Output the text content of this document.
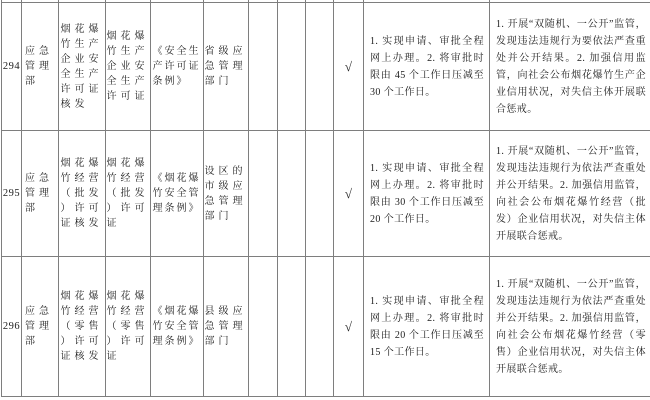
294	应急管理部	烟花爆竹生产企业安全生产许可证核发	烟花爆竹生产企业安全生产许可证	《安全生产许可证条例》	省级应急管理部门				√	1. 实现申请、审批全程网上办理。2. 将审批时限由 45 个工作日压减至 30 个工作日。	1. 开展“双随机、一公开”监管，发现违法违规行为要依法严查重处并公开结果。2. 加强信用监管，向社会公布烟花爆竹生产企业信用状况，对失信主体开展联合惩戒。

295	应急管理部	烟花爆竹经营（批发）许可证核发	烟花爆竹经营（批发）许可证	《烟花爆竹安全管理条例》	设区的市级应急管理部门				√	1. 实现申请、审批全程网上办理。2. 将审批时限由 30 个工作日压减至 20 个工作日。	1. 开展“双随机、一公开”监管，发现违法违规行为依法严查重处并公开结果。2. 加强信用监管，向社会公布烟花爆竹经营（批发）企业信用状况，对失信主体开展联合惩戒。

296	应急管理部	烟花爆竹经营（零售）许可证核发	烟花爆竹经营（零售）许可证	《烟花爆竹安全管理条例》	县级应急管理部门				√	1. 实现申请、审批全程网上办理。2. 将审批时限由 20 个工作日压减至 15 个工作日。	1. 开展“双随机、一公开”监管，发现违法违规行为依法严查重处并公开结果。2. 加强信用监管，向社会公布烟花爆竹经营（零售）企业信用状况，对失信主体开展联合惩戒。
